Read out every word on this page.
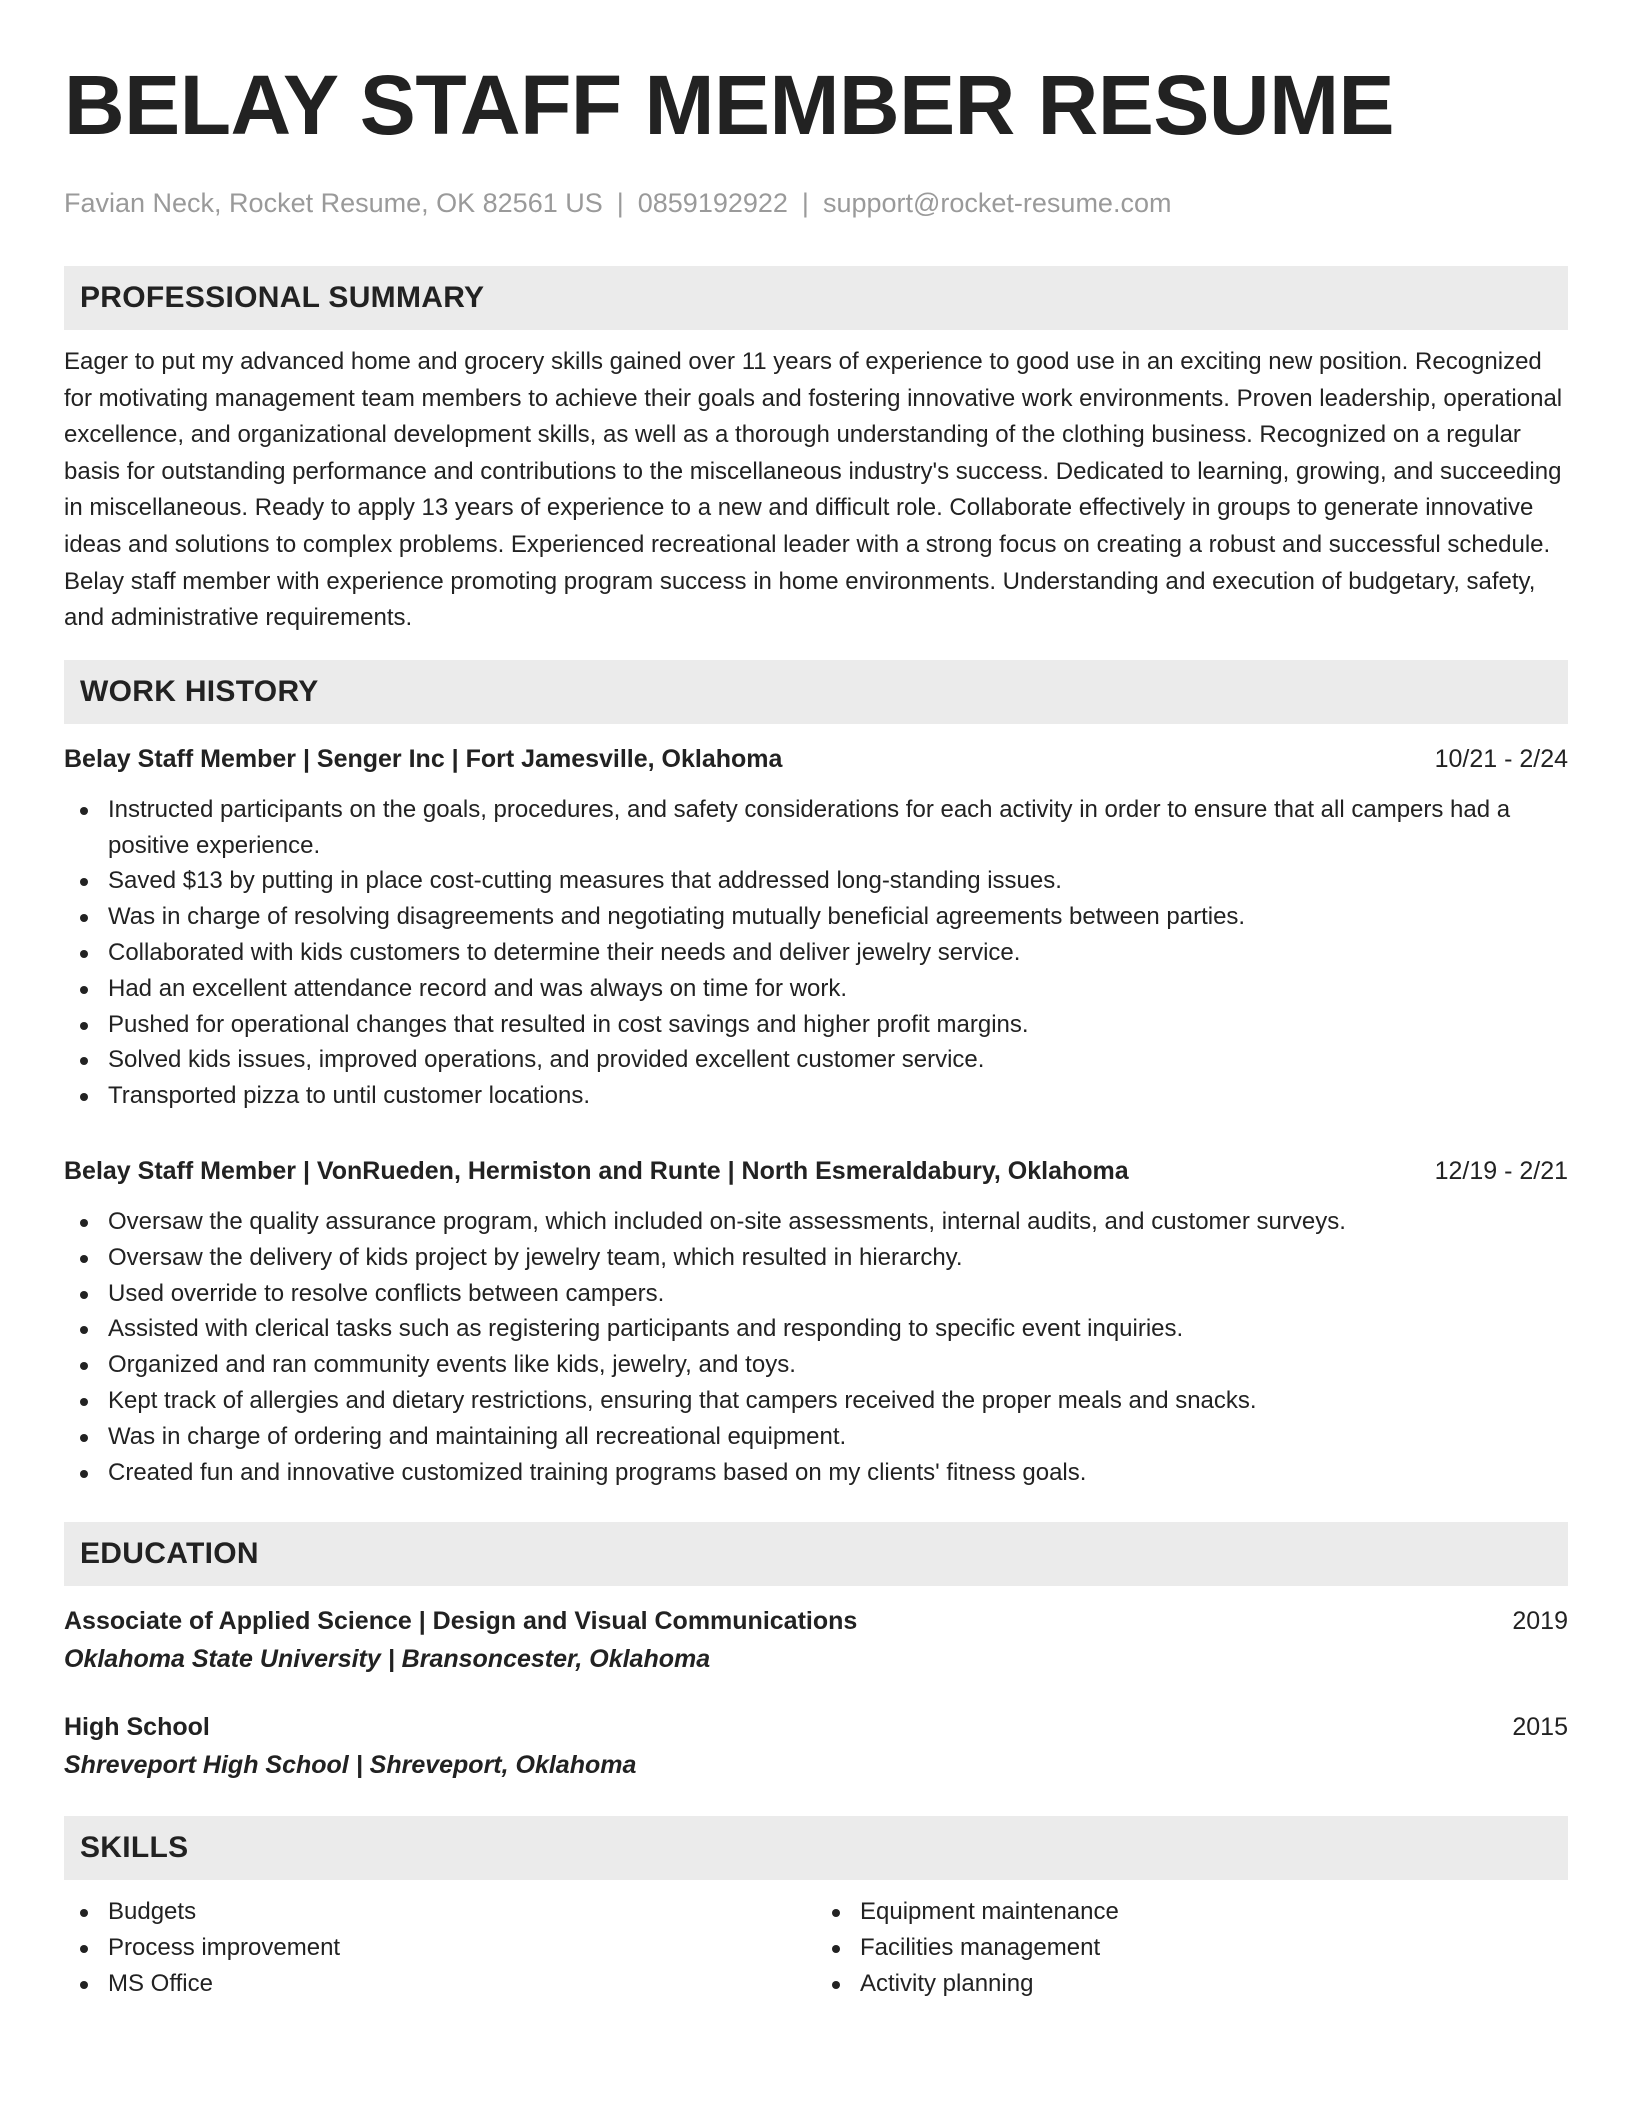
BELAY STAFF MEMBER RESUME
Favian Neck, Rocket Resume, OK 82561 US | 0859192922 | support@rocket-resume.com
PROFESSIONAL SUMMARY

Eager to put my advanced home and grocery skills gained over 11 years of experience to good use in an exciting new position. Recognized for motivating management team members to achieve their goals and fostering innovative work environments. Proven leadership, operational excellence, and organizational development skills, as well as a thorough understanding of the clothing business. Recognized on a regular basis for outstanding performance and contributions to the miscellaneous industry's success. Dedicated to learning, growing, and succeeding in miscellaneous. Ready to apply 13 years of experience to a new and difficult role. Collaborate effectively in groups to generate innovative ideas and solutions to complex problems. Experienced recreational leader with a strong focus on creating a robust and successful schedule. Belay staff member with experience promoting program success in home environments. Understanding and execution of budgetary, safety, and administrative requirements.

WORK HISTORY
Belay Staff Member | Senger Inc | Fort Jamesville, Oklahoma	10/21 - 2/24
Instructed participants on the goals, procedures, and safety considerations for each activity in order to ensure that all campers had a positive experience.
Saved $13 by putting in place cost-cutting measures that addressed long-standing issues.
Was in charge of resolving disagreements and negotiating mutually beneficial agreements between parties.
Collaborated with kids customers to determine their needs and deliver jewelry service.
Had an excellent attendance record and was always on time for work.
Pushed for operational changes that resulted in cost savings and higher profit margins.
Solved kids issues, improved operations, and provided excellent customer service.
Transported pizza to until customer locations.
Belay Staff Member | VonRueden, Hermiston and Runte | North Esmeraldabury, Oklahoma	12/19 - 2/21
Oversaw the quality assurance program, which included on-site assessments, internal audits, and customer surveys.
Oversaw the delivery of kids project by jewelry team, which resulted in hierarchy.
Used override to resolve conflicts between campers.
Assisted with clerical tasks such as registering participants and responding to specific event inquiries.
Organized and ran community events like kids, jewelry, and toys.
Kept track of allergies and dietary restrictions, ensuring that campers received the proper meals and snacks.
Was in charge of ordering and maintaining all recreational equipment.
Created fun and innovative customized training programs based on my clients' fitness goals.
EDUCATION
Associate of Applied Science | Design and Visual Communications	2019
Oklahoma State University | Bransoncester, Oklahoma
High School	2015
Shreveport High School | Shreveport, Oklahoma
SKILLS
Budgets
Process improvement
MS Office
Equipment maintenance
Facilities management
Activity planning
